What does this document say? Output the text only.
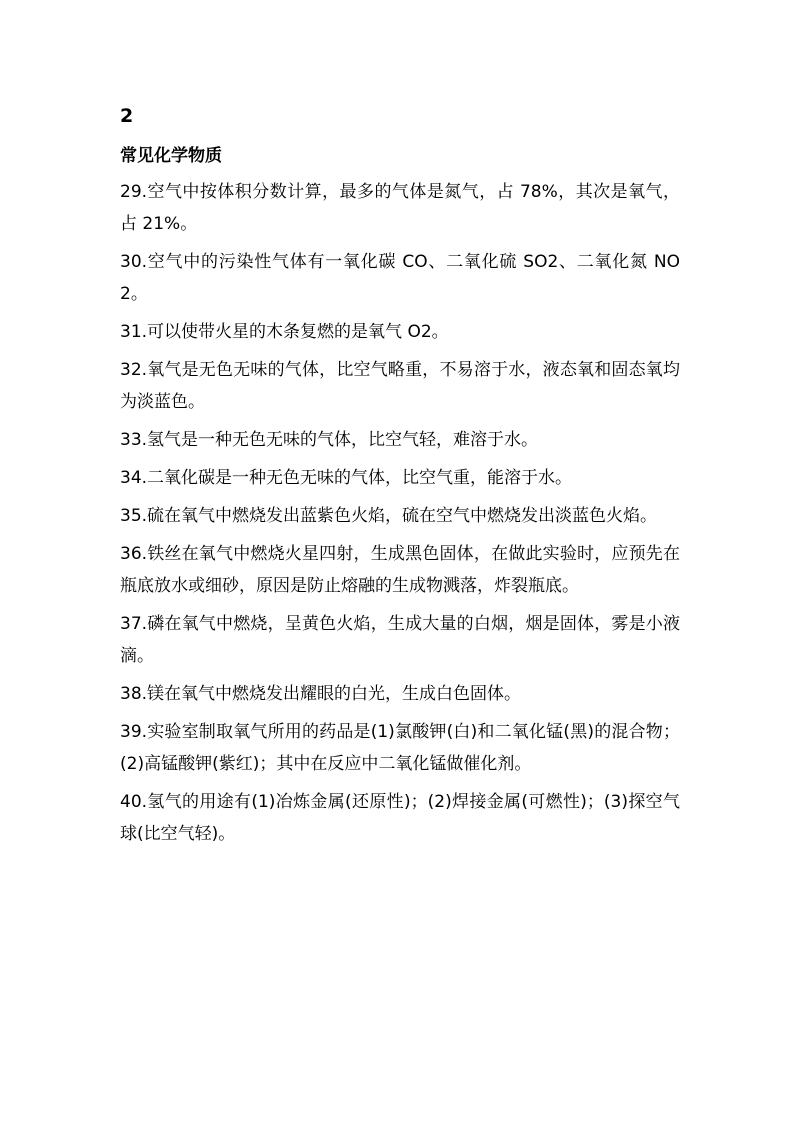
2
常见化学物质
29.空气中按体积分数计算，最多的气体是氮气，占 78%，其次是氧气，占 21%。
30.空气中的污染性气体有一氧化碳 CO、二氧化硫 SO2、二氧化氮 NO2。
31.可以使带火星的木条复燃的是氧气 O2。
32.氧气是无色无味的气体，比空气略重，不易溶于水，液态氧和固态氧均为淡蓝色。
33.氢气是一种无色无味的气体，比空气轻，难溶于水。
34.二氧化碳是一种无色无味的气体，比空气重，能溶于水。
35.硫在氧气中燃烧发出蓝紫色火焰，硫在空气中燃烧发出淡蓝色火焰。
36.铁丝在氧气中燃烧火星四射，生成黑色固体，在做此实验时，应预先在瓶底放水或细砂，原因是防止熔融的生成物溅落，炸裂瓶底。
37.磷在氧气中燃烧，呈黄色火焰，生成大量的白烟，烟是固体，雾是小液滴。
38.镁在氧气中燃烧发出耀眼的白光，生成白色固体。
39.实验室制取氧气所用的药品是(1)氯酸钾(白)和二氧化锰(黑)的混合物；(2)高锰酸钾(紫红)；其中在反应中二氧化锰做催化剂。
40.氢气的用途有(1)冶炼金属(还原性)；(2)焊接金属(可燃性)；(3)探空气球(比空气轻)。
